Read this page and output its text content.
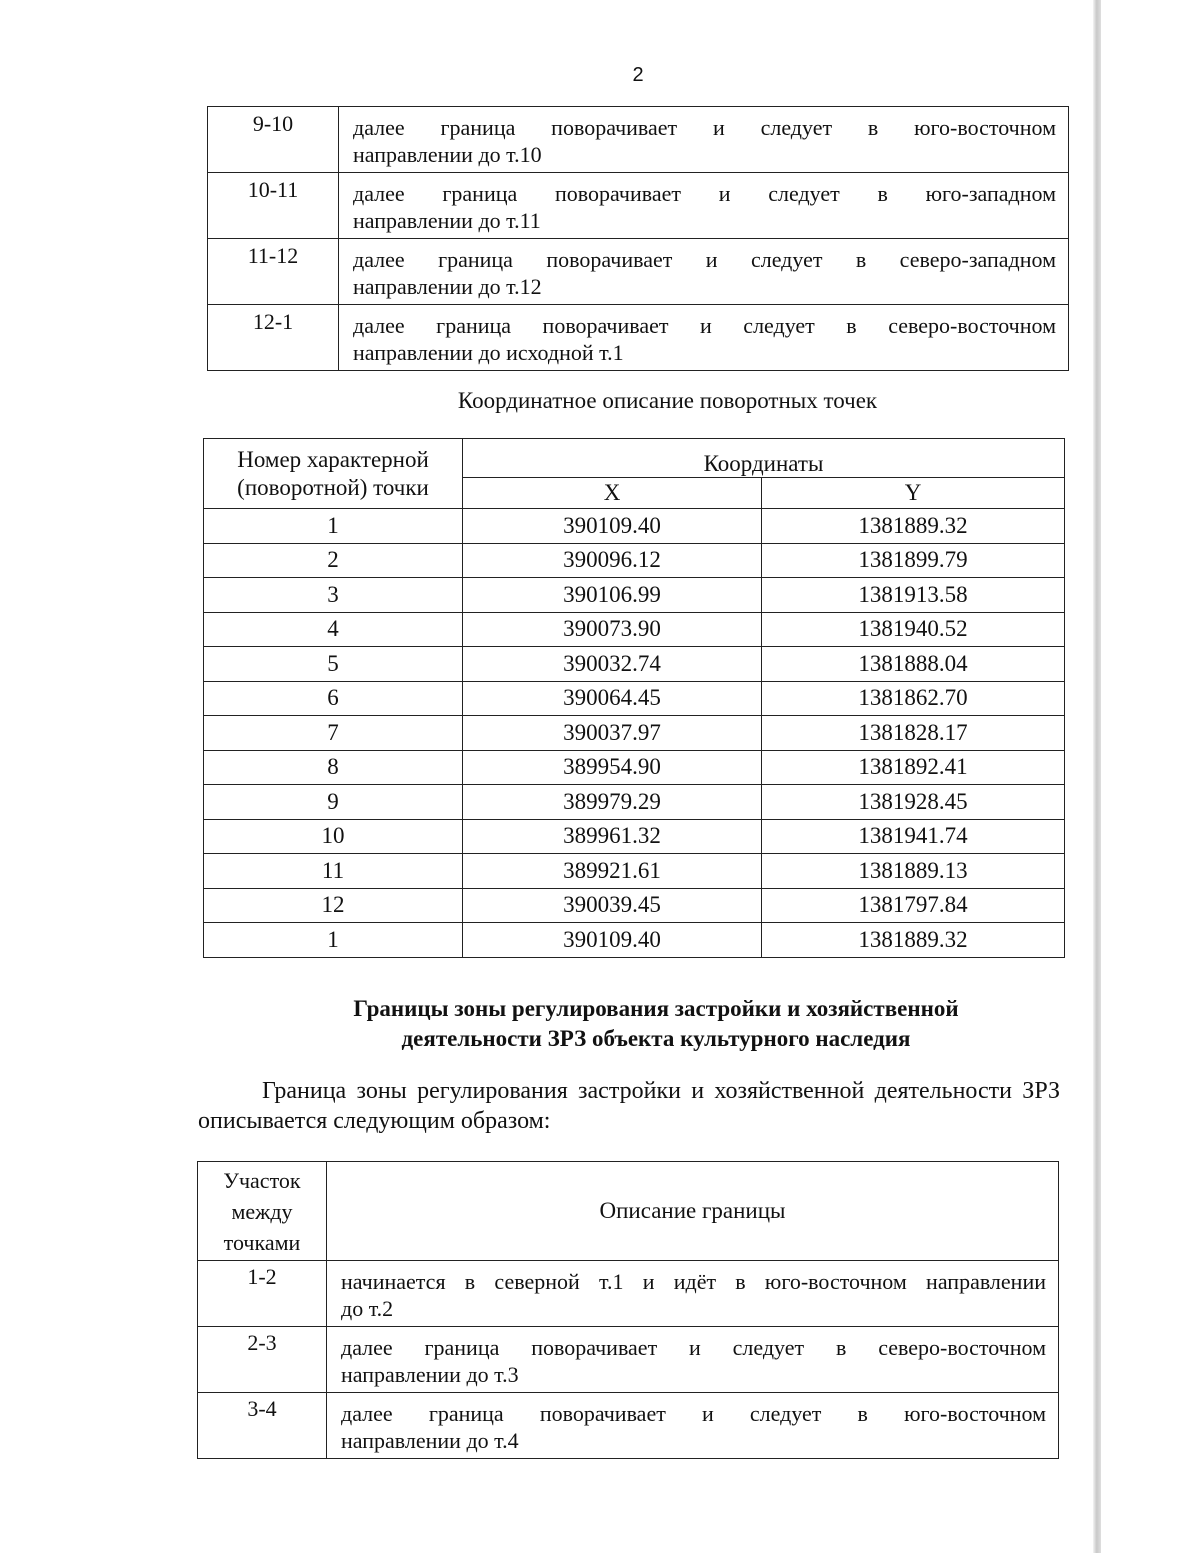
2
9-10	далее граница поворачивает и следует в юго-восточном
направлении до т.10

10-11	далее граница поворачивает и следует в юго-западном
направлении до т.11

11-12	далее граница поворачивает и следует в северо-западном
направлении до т.12

12-1	далее граница поворачивает и следует в северо-восточном
направлении до исходной т.1
Координатное описание поворотных точек
Номер характерной
(поворотной) точки	Координаты	
	X	Y
1	390109.40	1381889.32
2	390096.12	1381899.79
3	390106.99	1381913.58
4	390073.90	1381940.52
5	390032.74	1381888.04
6	390064.45	1381862.70
7	390037.97	1381828.17
8	389954.90	1381892.41
9	389979.29	1381928.45
10	389961.32	1381941.74
11	389921.61	1381889.13
12	390039.45	1381797.84
1	390109.40	1381889.32
Границы зоны регулирования застройки и хозяйственной
деятельности ЗРЗ объекта культурного наследия
Граница зоны регулирования застройки и хозяйственной деятельности ЗРЗ описывается следующим образом:
Участок
между
точками	Описание границы
1-2	начинается в северной т.1 и идёт в юго-восточном направлении
до т.2

2-3	далее граница поворачивает и следует в северо-восточном
направлении до т.3

3-4	далее граница поворачивает и следует в юго-восточном
направлении до т.4
